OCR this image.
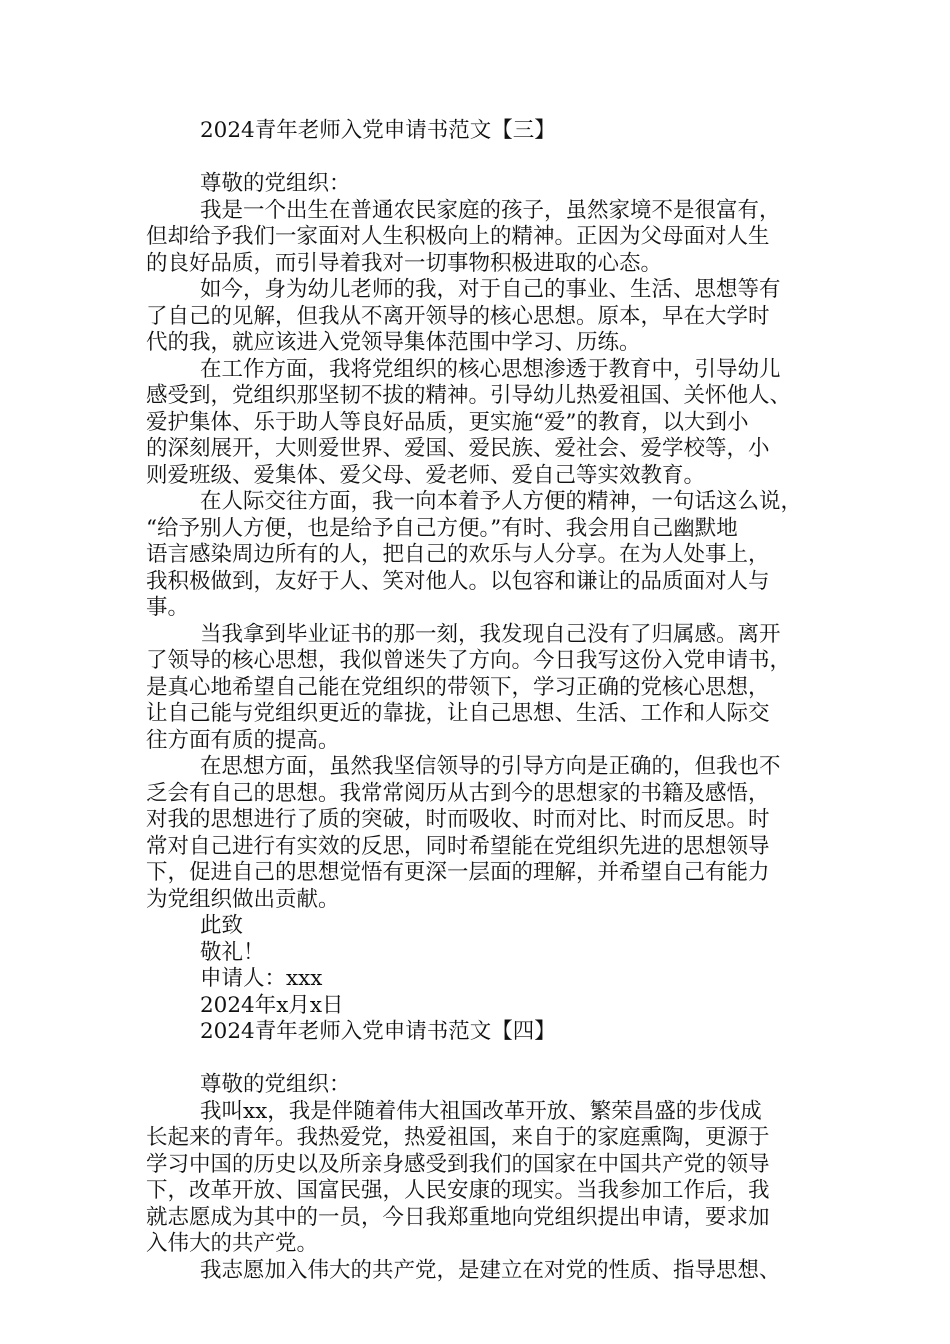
2024青年老师入党申请书范文【三】
尊敬的党组织：
我是一个出生在普通农民家庭的孩子，虽然家境不是很富有，
但却给予我们一家面对人生积极向上的精神。正因为父母面对人生
的良好品质，而引导着我对一切事物积极进取的心态。
如今，身为幼儿老师的我，对于自己的事业、生活、思想等有
了自己的见解，但我从不离开领导的核心思想。原本，早在大学时
代的我，就应该进入党领导集体范围中学习、历练。
在工作方面，我将党组织的核心思想渗透于教育中，引导幼儿
感受到，党组织那坚韧不拔的精神。引导幼儿热爱祖国、关怀他人、
爱护集体、乐于助人等良好品质，更实施“爱”的教育，以大到小
的深刻展开，大则爱世界、爱国、爱民族、爱社会、爱学校等，小
则爱班级、爱集体、爱父母、爱老师、爱自己等实效教育。
在人际交往方面，我一向本着予人方便的精神，一句话这么说，
“给予别人方便，也是给予自己方便。”有时、我会用自己幽默地
语言感染周边所有的人，把自己的欢乐与人分享。在为人处事上，
我积极做到，友好于人、笑对他人。以包容和谦让的品质面对人与
事。
当我拿到毕业证书的那一刻，我发现自己没有了归属感。离开
了领导的核心思想，我似曾迷失了方向。今日我写这份入党申请书，
是真心地希望自己能在党组织的带领下，学习正确的党核心思想，
让自己能与党组织更近的靠拢，让自己思想、生活、工作和人际交
往方面有质的提高。
在思想方面，虽然我坚信领导的引导方向是正确的，但我也不
乏会有自己的思想。我常常阅历从古到今的思想家的书籍及感悟，
对我的思想进行了质的突破，时而吸收、时而对比、时而反思。时
常对自己进行有实效的反思，同时希望能在党组织先进的思想领导
下，促进自己的思想觉悟有更深一层面的理解，并希望自己有能力
为党组织做出贡献。
此致
敬礼！
申请人：xxx
2024年x月x日
2024青年老师入党申请书范文【四】
尊敬的党组织：
我叫xx，我是伴随着伟大祖国改革开放、繁荣昌盛的步伐成
长起来的青年。我热爱党，热爱祖国，来自于的家庭熏陶，更源于
学习中国的历史以及所亲身感受到我们的国家在中国共产党的领导
下，改革开放、国富民强，人民安康的现实。当我参加工作后，我
就志愿成为其中的一员，今日我郑重地向党组织提出申请，要求加
入伟大的共产党。
我志愿加入伟大的共产党，是建立在对党的性质、指导思想、
